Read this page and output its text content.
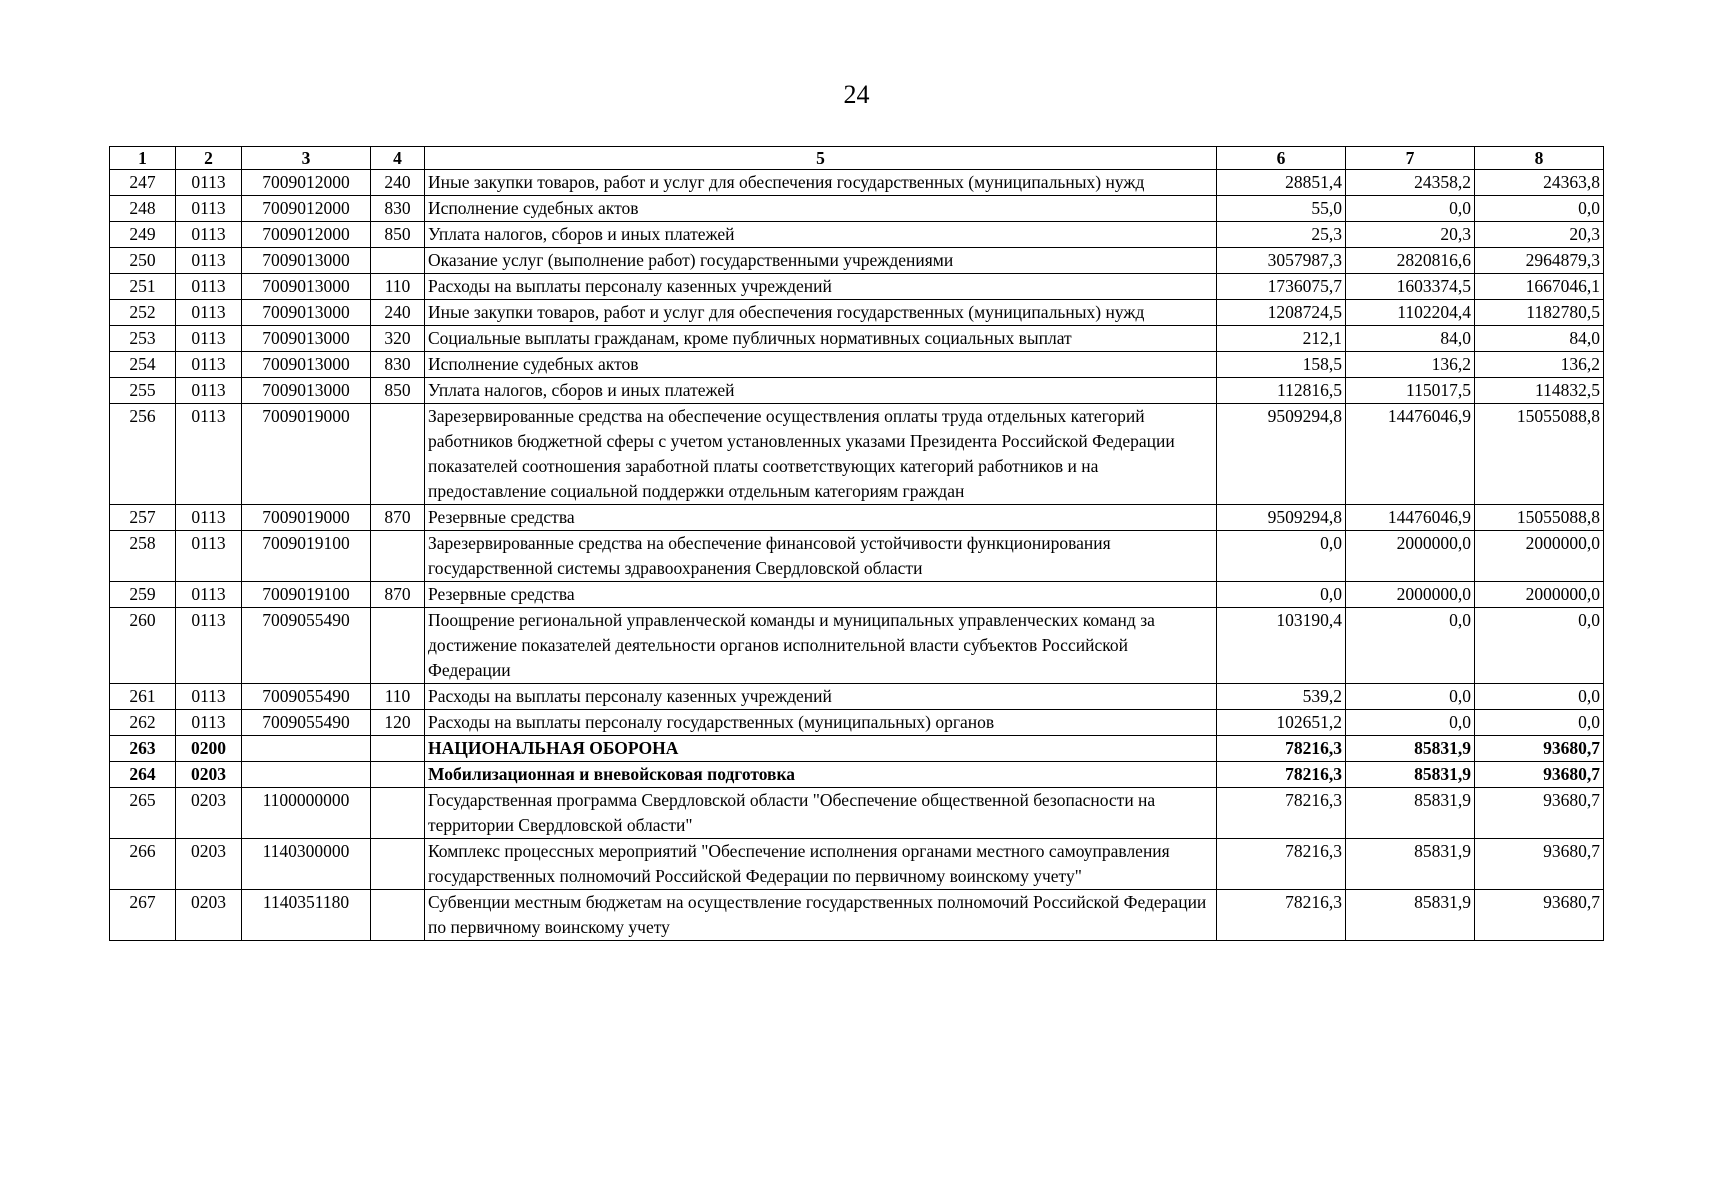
24
1	2	3	4	5	6	7	8
247	0113	7009012000	240	Иные закупки товаров, работ и услуг для обеспечения государственных (муниципальных) нужд	28851,4	24358,2	24363,8
248	0113	7009012000	830	Исполнение судебных актов	55,0	0,0	0,0
249	0113	7009012000	850	Уплата налогов, сборов и иных платежей	25,3	20,3	20,3
250	0113	7009013000		Оказание услуг (выполнение работ) государственными учреждениями	3057987,3	2820816,6	2964879,3
251	0113	7009013000	110	Расходы на выплаты персоналу казенных учреждений	1736075,7	1603374,5	1667046,1
252	0113	7009013000	240	Иные закупки товаров, работ и услуг для обеспечения государственных (муниципальных) нужд	1208724,5	1102204,4	1182780,5
253	0113	7009013000	320	Социальные выплаты гражданам, кроме публичных нормативных социальных выплат	212,1	84,0	84,0
254	0113	7009013000	830	Исполнение судебных актов	158,5	136,2	136,2
255	0113	7009013000	850	Уплата налогов, сборов и иных платежей	112816,5	115017,5	114832,5
256	0113	7009019000		Зарезервированные средства на обеспечение осуществления оплаты труда отдельных категорий работников бюджетной сферы с учетом установленных указами Президента Российской Федерации показателей соотношения заработной платы соответствующих категорий работников и на предоставление социальной поддержки отдельным категориям граждан	9509294,8	14476046,9	15055088,8
257	0113	7009019000	870	Резервные средства	9509294,8	14476046,9	15055088,8
258	0113	7009019100		Зарезервированные средства на обеспечение финансовой устойчивости функционирования государственной системы здравоохранения Свердловской области	0,0	2000000,0	2000000,0
259	0113	7009019100	870	Резервные средства	0,0	2000000,0	2000000,0
260	0113	7009055490		Поощрение региональной управленческой команды и муниципальных управленческих команд за достижение показателей деятельности органов исполнительной власти субъектов Российской Федерации	103190,4	0,0	0,0
261	0113	7009055490	110	Расходы на выплаты персоналу казенных учреждений	539,2	0,0	0,0
262	0113	7009055490	120	Расходы на выплаты персоналу государственных (муниципальных) органов	102651,2	0,0	0,0
263	0200			НАЦИОНАЛЬНАЯ ОБОРОНА	78216,3	85831,9	93680,7
264	0203			Мобилизационная и вневойсковая подготовка	78216,3	85831,9	93680,7
265	0203	1100000000		Государственная программа Свердловской области "Обеспечение общественной безопасности на территории Свердловской области"	78216,3	85831,9	93680,7
266	0203	1140300000		Комплекс процессных мероприятий "Обеспечение исполнения органами местного самоуправления государственных полномочий Российской Федерации по первичному воинскому учету"	78216,3	85831,9	93680,7
267	0203	1140351180		Субвенции местным бюджетам на осуществление государственных полномочий Российской Федерации по первичному воинскому учету	78216,3	85831,9	93680,7
